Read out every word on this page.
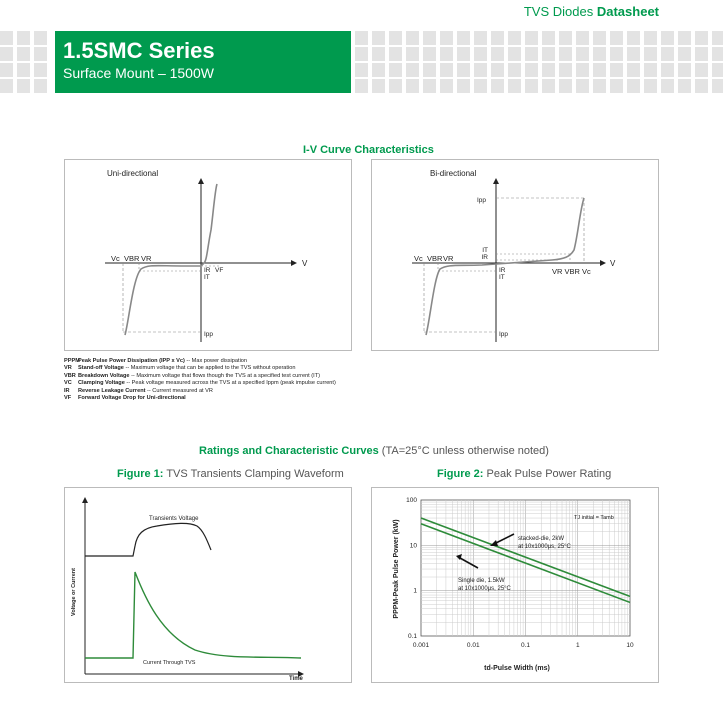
TVS Diodes Datasheet
1.5SMC Series
Surface Mount – 1500W
I-V Curve Characteristics
Uni-directional
Vc VBR VR
V
IR VF
IT
Ipp
Bi-directional
Vc VBR VR
V
IR
IT
Ipp
Ipp
IT
IR
VR VBR Vc
PPPMPeak Pulse Power Dissipation (IPP x Vc) -- Max power dissipation
VR Stand-off Voltage -- Maximum voltage that can be applied to the TVS without operation
VBR Breakdown Voltage -- Maximum voltage that flows though the TVS at a specified test current (IT)
VC Clamping Voltage -- Peak voltage measured across the TVS at a specified Ippm (peak impulse current)
IR Reverse Leakage Current -- Current measured at VR
VF Forward Voltage Drop for Uni-directional
Ratings and Characteristic Curves (TA=25°C unless otherwise noted)
Figure 1: TVS Transients Clamping Waveform	Figure 2: Peak Pulse Power Rating
Transients Voltage
Current Through TVS
Time
Voltage or Current
0.001	0.01	0.1	1	10
0.1
1
10
100
TJ initial = Tamb
stacked-die, 2kW
at 10x1000μs, 25°C
Single die, 1.5kW
at 10x1000μs, 25°C
td-Pulse Width (ms)
PPPM-Peak Pulse Power (kW)
